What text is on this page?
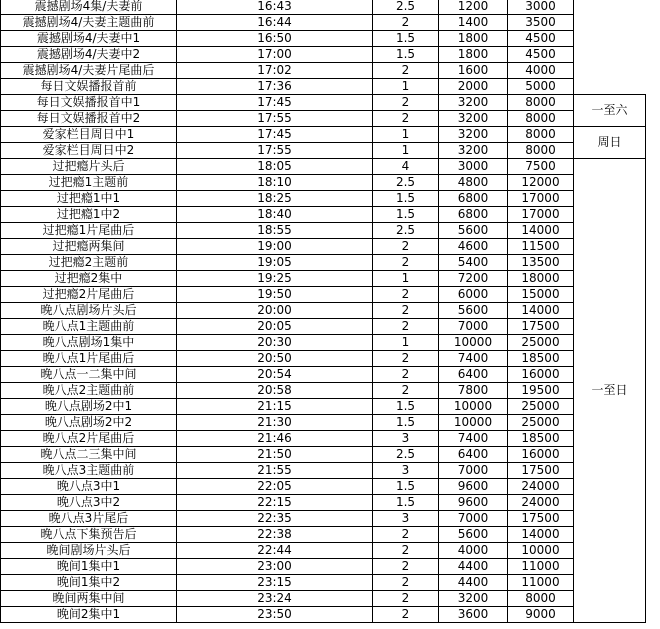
震撼剧场4集/夫妻前	16:43	2.5	1200	3000	
震撼剧场4/夫妻主题曲前	16:44	2	1400	3500	
震撼剧场4/夫妻中1	16:50	1.5	1800	4500	
震撼剧场4/夫妻中2	17:00	1.5	1800	4500	
震撼剧场4/夫妻片尾曲后	17:02	2	1600	4000	
每日文娱播报首前	17:36	1	2000	5000	
每日文娱播报首中1	17:45	2	3200	8000	一至六
每日文娱播报首中2	17:55	2	3200	8000	
爱家栏目周日中1	17:45	1	3200	8000	周日
爱家栏目周日中2	17:55	1	3200	8000	
过把瘾片头后	18:05	4	3000	7500	一至日
过把瘾1主题前	18:10	2.5	4800	12000	
过把瘾1中1	18:25	1.5	6800	17000	
过把瘾1中2	18:40	1.5	6800	17000	
过把瘾1片尾曲后	18:55	2.5	5600	14000	
过把瘾两集间	19:00	2	4600	11500	
过把瘾2主题前	19:05	2	5400	13500	
过把瘾2集中	19:25	1	7200	18000	
过把瘾2片尾曲后	19:50	2	6000	15000	
晚八点剧场片头后	20:00	2	5600	14000	
晚八点1主题曲前	20:05	2	7000	17500	
晚八点剧场1集中	20:30	1	10000	25000	
晚八点1片尾曲后	20:50	2	7400	18500	
晚八点一二集中间	20:54	2	6400	16000	
晚八点2主题曲前	20:58	2	7800	19500	
晚八点剧场2中1	21:15	1.5	10000	25000	
晚八点剧场2中2	21:30	1.5	10000	25000	
晚八点2片尾曲后	21:46	3	7400	18500	
晚八点二三集中间	21:50	2.5	6400	16000	
晚八点3主题曲前	21:55	3	7000	17500	
晚八点3中1	22:05	1.5	9600	24000	
晚八点3中2	22:15	1.5	9600	24000	
晚八点3片尾后	22:35	3	7000	17500	
晚八点下集预告后	22:38	2	5600	14000	
晚间剧场片头后	22:44	2	4000	10000	
晚间1集中1	23:00	2	4400	11000	
晚间1集中2	23:15	2	4400	11000	
晚间两集中间	23:24	2	3200	8000	
晚间2集中1	23:50	2	3600	9000	
